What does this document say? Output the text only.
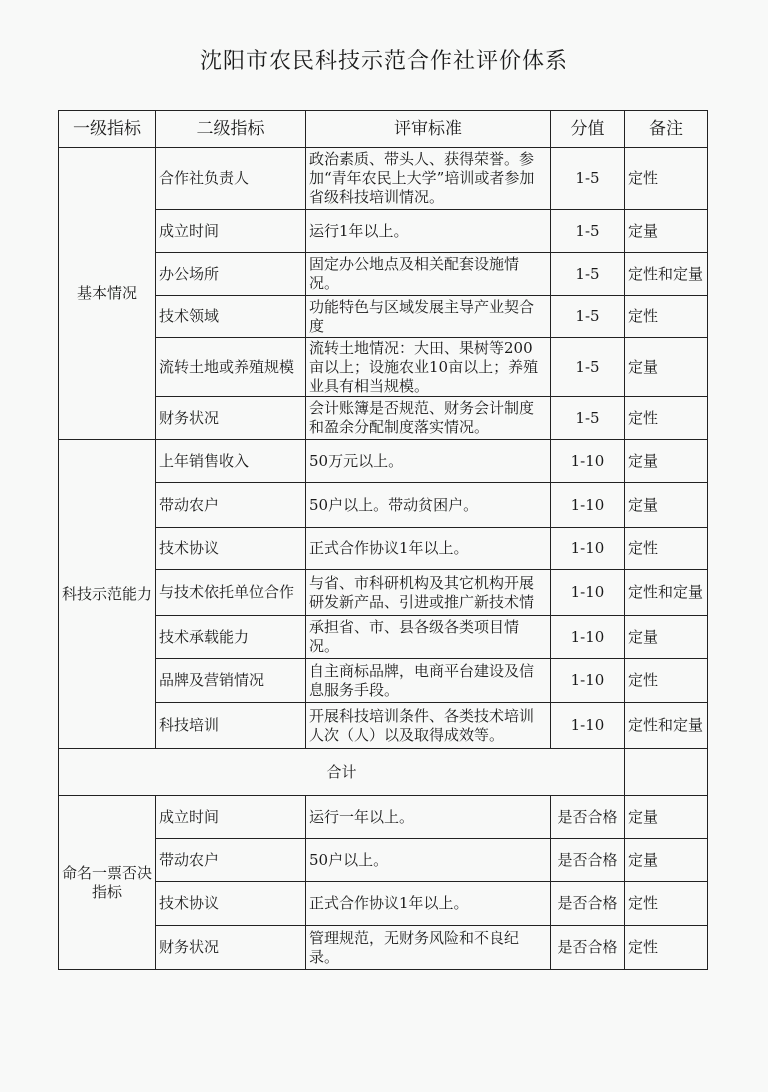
沈阳市农民科技示范合作社评价体系
一级指标	二级指标	评审标准	分值	备注
基本情况	合作社负责人	政治素质、带头人、获得荣誉。参加“青年农民上大学”培训或者参加省级科技培训情况。	1-5	定性
	成立时间	运行1年以上。	1-5	定量
	办公场所	固定办公地点及相关配套设施情况。	1-5	定性和定量
	技术领域	功能特色与区域发展主导产业契合度	1-5	定性
	流转土地或养殖规模	流转土地情况：大田、果树等200亩以上；设施农业10亩以上；养殖业具有相当规模。	1-5	定量
	财务状况	会计账簿是否规范、财务会计制度和盈余分配制度落实情况。	1-5	定性
科技示范能力	上年销售收入	50万元以上。	1-10	定量
	带动农户	50户以上。带动贫困户。	1-10	定量
	技术协议	正式合作协议1年以上。	1-10	定性
	与技术依托单位合作	与省、市科研机构及其它机构开展研发新产品、引进或推广新技术情	1-10	定性和定量
	技术承载能力	承担省、市、县各级各类项目情况。	1-10	定量
	品牌及营销情况	自主商标品牌，电商平台建设及信息服务手段。	1-10	定性
	科技培训	开展科技培训条件、各类技术培训人次（人）以及取得成效等。	1-10	定性和定量
合计				
命名一票否决指标	成立时间	运行一年以上。	是否合格	定量
	带动农户	50户以上。	是否合格	定量
	技术协议	正式合作协议1年以上。	是否合格	定性
	财务状况	管理规范，无财务风险和不良纪录。	是否合格	定性
